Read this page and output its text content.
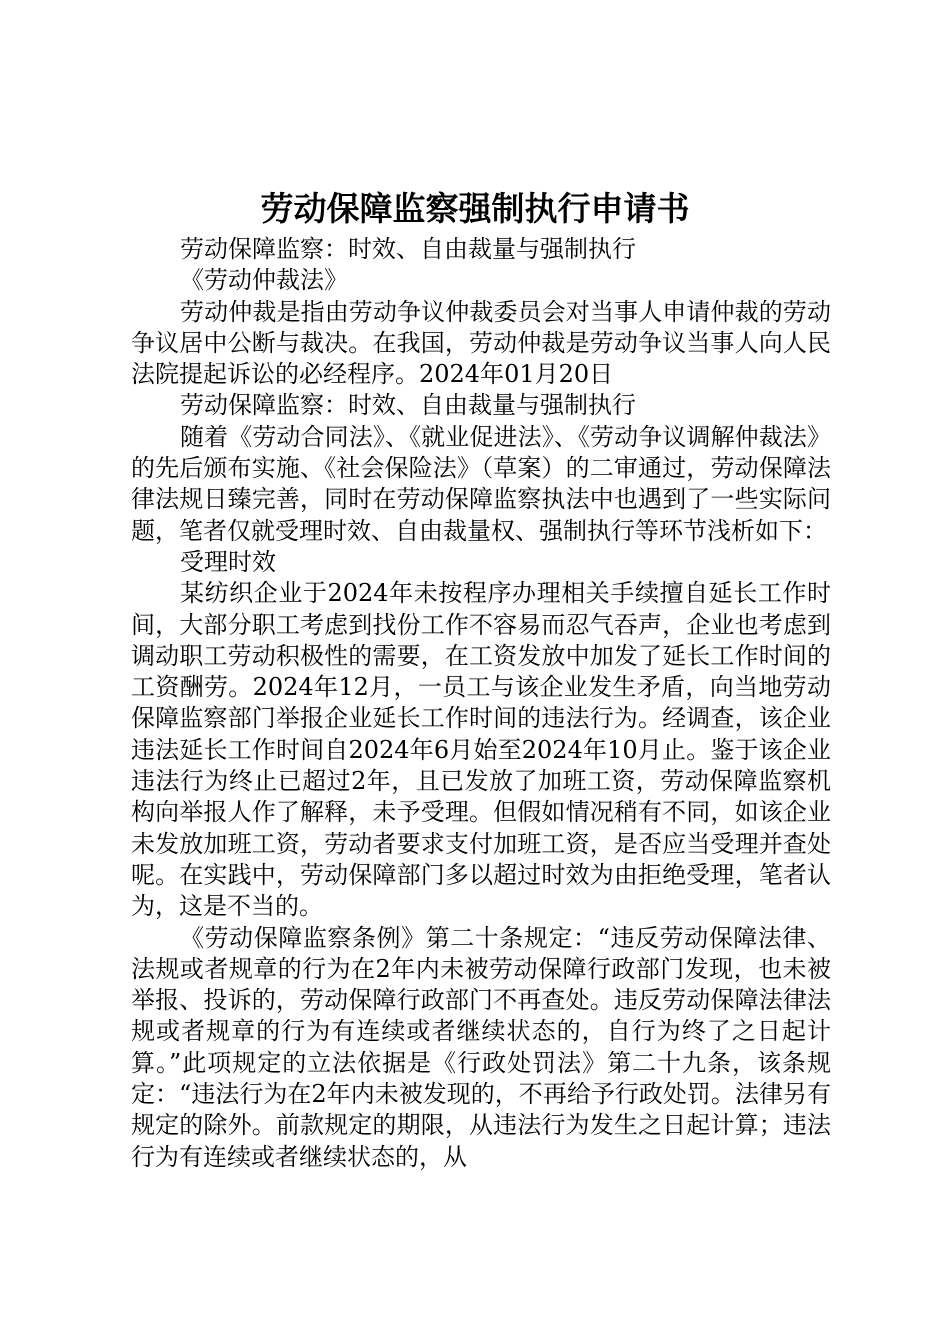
劳动保障监察强制执行申请书

劳动保障监察：时效、自由裁量与强制执行

《劳动仲裁法》

劳动仲裁是指由劳动争议仲裁委员会对当事人申请仲裁的劳动争议居中公断与裁决。在我国，劳动仲裁是劳动争议当事人向人民法院提起诉讼的必经程序。2024年01月20日

劳动保障监察：时效、自由裁量与强制执行

随着《劳动合同法》、《就业促进法》、《劳动争议调解仲裁法》的先后颁布实施、《社会保险法》（草案）的二审通过，劳动保障法律法规日臻完善，同时在劳动保障监察执法中也遇到了一些实际问题，笔者仅就受理时效、自由裁量权、强制执行等环节浅析如下：

受理时效

某纺织企业于2024年未按程序办理相关手续擅自延长工作时间，大部分职工考虑到找份工作不容易而忍气吞声，企业也考虑到调动职工劳动积极性的需要，在工资发放中加发了延长工作时间的工资酬劳。2024年12月，一员工与该企业发生矛盾，向当地劳动保障监察部门举报企业延长工作时间的违法行为。经调查，该企业违法延长工作时间自2024年6月始至2024年10月止。鉴于该企业违法行为终止已超过2年，且已发放了加班工资，劳动保障监察机构向举报人作了解释，未予受理。但假如情况稍有不同，如该企业未发放加班工资，劳动者要求支付加班工资，是否应当受理并查处呢。在实践中，劳动保障部门多以超过时效为由拒绝受理，笔者认为，这是不当的。

《劳动保障监察条例》第二十条规定：“违反劳动保障法律、法规或者规章的行为在2年内未被劳动保障行政部门发现，也未被举报、投诉的，劳动保障行政部门不再查处。违反劳动保障法律法规或者规章的行为有连续或者继续状态的，自行为终了之日起计算。”此项规定的立法依据是《行政处罚法》第二十九条，该条规定：“违法行为在2年内未被发现的，不再给予行政处罚。法律另有规定的除外。前款规定的期限，从违法行为发生之日起计算；违法行为有连续或者继续状态的，从
